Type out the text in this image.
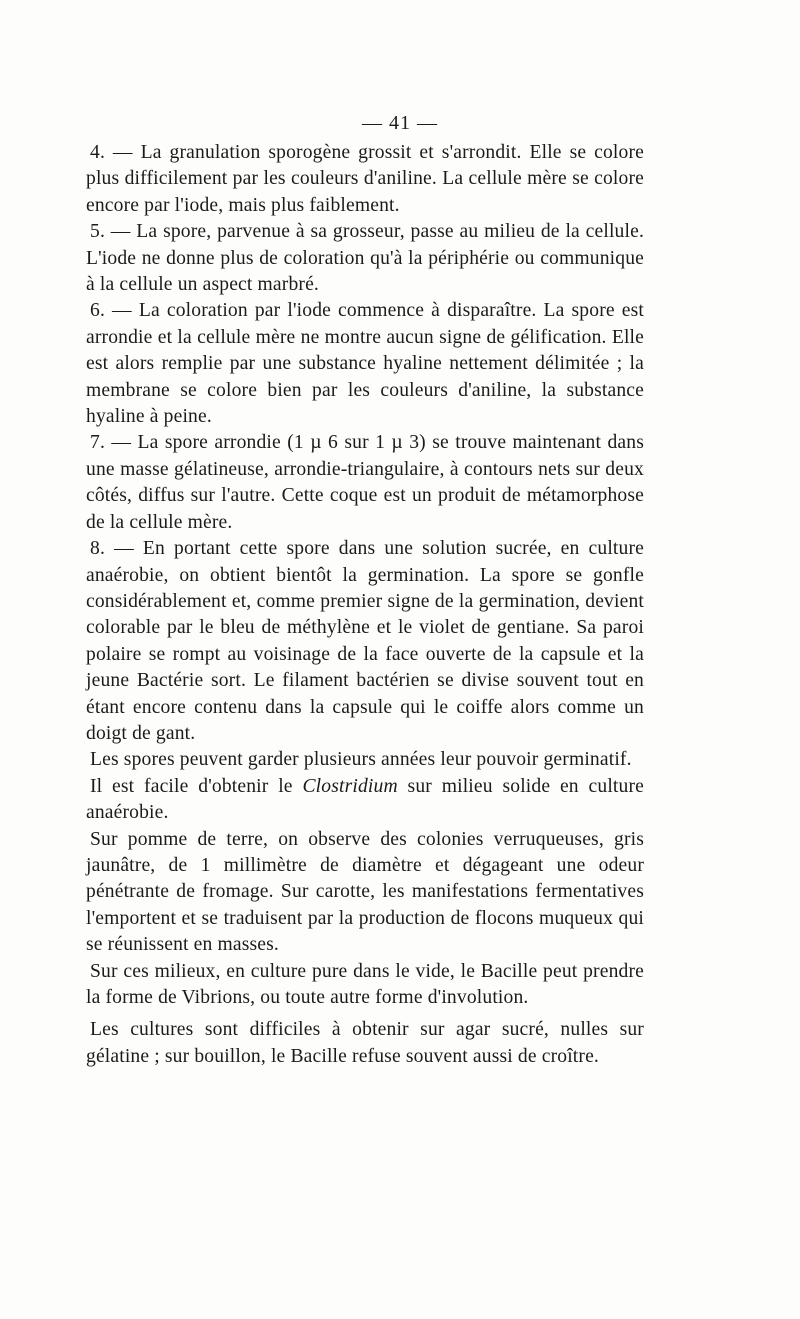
— 41 —

4. — La granulation sporogène grossit et s'arrondit. Elle se colore plus difficilement par les couleurs d'aniline. La cellule mère se colore encore par l'iode, mais plus faiblement.

5. — La spore, parvenue à sa grosseur, passe au milieu de la cellule. L'iode ne donne plus de coloration qu'à la périphérie ou communique à la cellule un aspect marbré.

6. — La coloration par l'iode commence à disparaître. La spore est arrondie et la cellule mère ne montre aucun signe de gélification. Elle est alors remplie par une substance hyaline nettement délimitée ; la membrane se colore bien par les couleurs d'aniline, la substance hyaline à peine.

7. — La spore arrondie (1 µ 6 sur 1 µ 3) se trouve maintenant dans une masse gélatineuse, arrondie-triangulaire, à contours nets sur deux côtés, diffus sur l'autre. Cette coque est un produit de métamorphose de la cellule mère.

8. — En portant cette spore dans une solution sucrée, en culture anaérobie, on obtient bientôt la germination. La spore se gonfle considérablement et, comme premier signe de la germination, devient colorable par le bleu de méthylène et le violet de gentiane. Sa paroi polaire se rompt au voisinage de la face ouverte de la capsule et la jeune Bactérie sort. Le filament bactérien se divise souvent tout en étant encore contenu dans la capsule qui le coiffe alors comme un doigt de gant.

Les spores peuvent garder plusieurs années leur pouvoir germinatif.

Il est facile d'obtenir le Clostridium sur milieu solide en culture anaérobie.

Sur pomme de terre, on observe des colonies verruqueuses, gris jaunâtre, de 1 millimètre de diamètre et dégageant une odeur pénétrante de fromage. Sur carotte, les manifestations fermentatives l'emportent et se traduisent par la production de flocons muqueux qui se réunissent en masses.

Sur ces milieux, en culture pure dans le vide, le Bacille peut prendre la forme de Vibrions, ou toute autre forme d'involution.

Les cultures sont difficiles à obtenir sur agar sucré, nulles sur gélatine ; sur bouillon, le Bacille refuse souvent aussi de croître.
